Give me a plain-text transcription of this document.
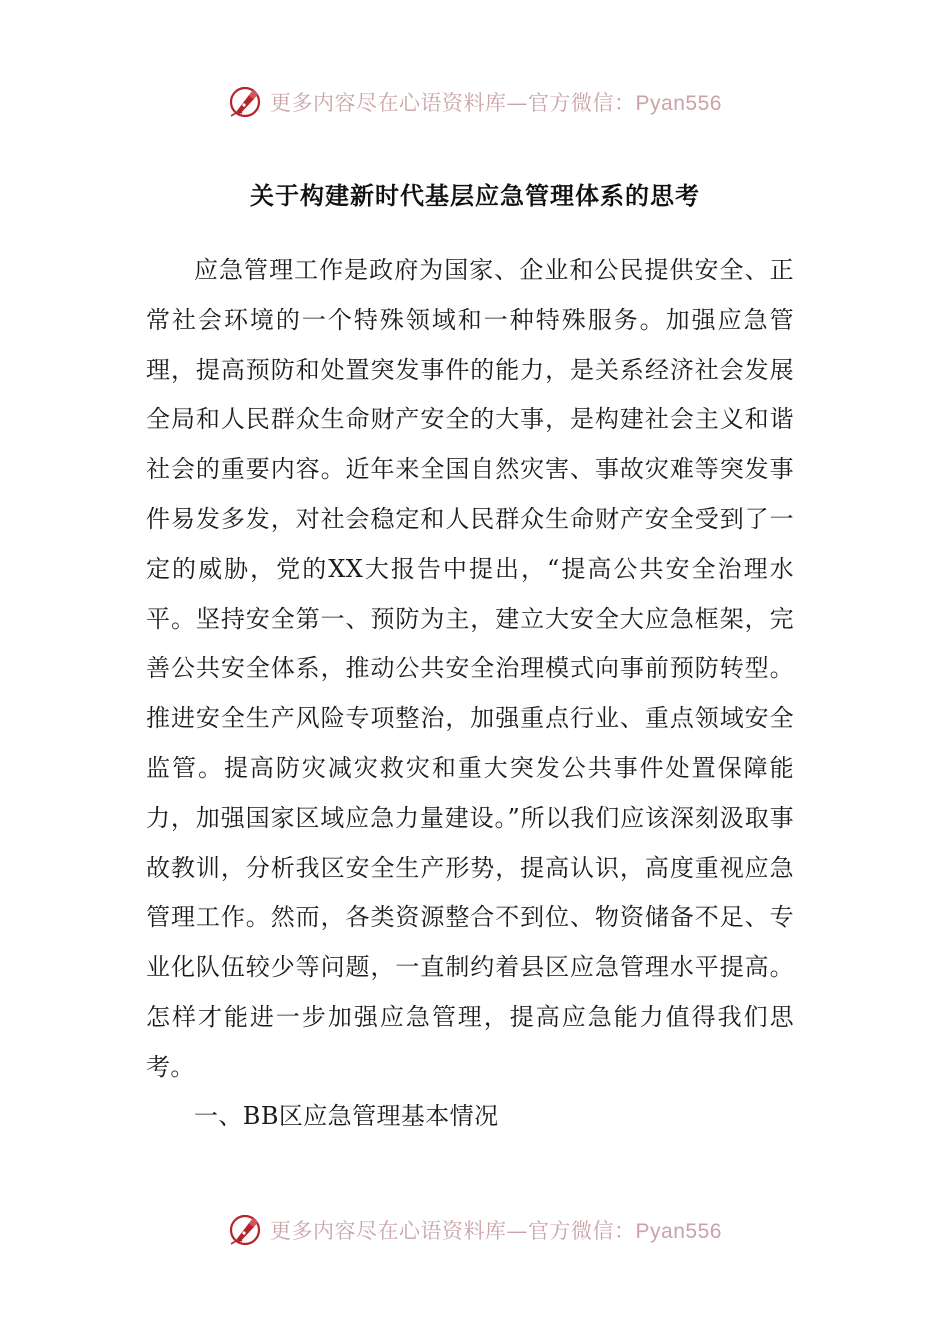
更多内容尽在心语资料库—官方微信：Pyan556
关于构建新时代基层应急管理体系的思考

应急管理工作是政府为国家、企业和公民提供安全、正常社会环境的一个特殊领域和一种特殊服务。加强应急管理，提高预防和处置突发事件的能力，是关系经济社会发展全局和人民群众生命财产安全的大事，是构建社会主义和谐社会的重要内容。近年来全国自然灾害、事故灾难等突发事件易发多发，对社会稳定和人民群众生命财产安全受到了一定的威胁，党的XX大报告中提出，“提高公共安全治理水平。坚持安全第一、预防为主，建立大安全大应急框架，完善公共安全体系，推动公共安全治理模式向事前预防转型。推进安全生产风险专项整治，加强重点行业、重点领域安全监管。提高防灾减灾救灾和重大突发公共事件处置保障能力，加强国家区域应急力量建设。”所以我们应该深刻汲取事故教训，分析我区安全生产形势，提高认识，高度重视应急管理工作。然而，各类资源整合不到位、物资储备不足、专业化队伍较少等问题，一直制约着县区应急管理水平提高。怎样才能进一步加强应急管理，提高应急能力值得我们思考。

一、BB区应急管理基本情况

更多内容尽在心语资料库—官方微信：Pyan556
